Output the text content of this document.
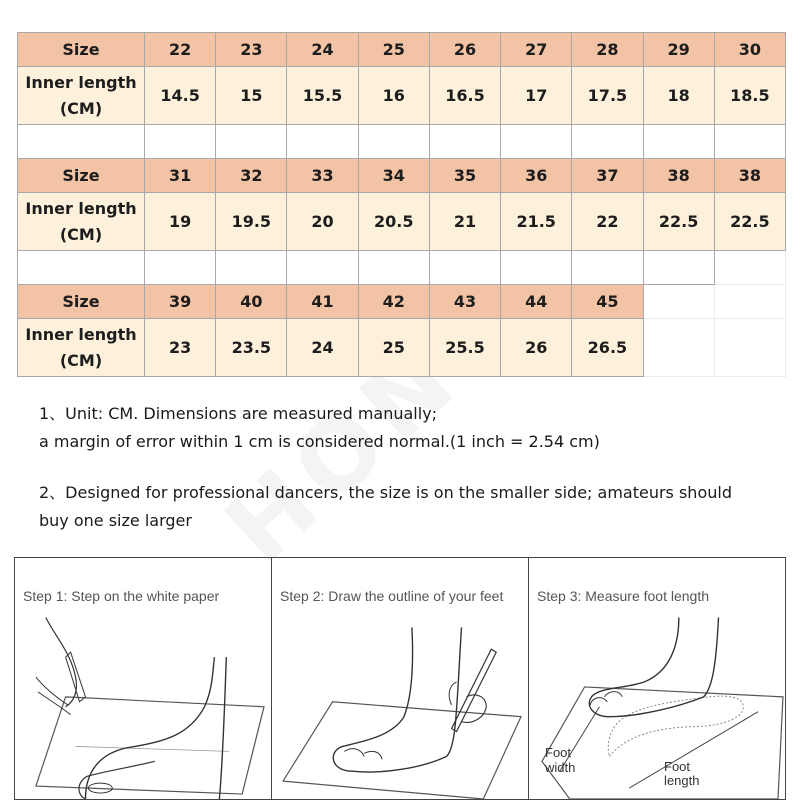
Size	22	23	24	25	26	27	28	29	30

Inner length
(CM)	14.5	15	15.5	16	16.5	17	17.5	18	18.5

Size	31	32	33	34	35	36	37	38	38

Inner length
(CM)	19	19.5	20	20.5	21	21.5	22	22.5	22.5

Size	39	40	41	42	43	44	45		

Inner length
(CM)	23	23.5	24	25	25.5	26	26.5		
1、Unit: CM. Dimensions are measured manually;
a margin of error within 1 cm is considered normal.(1 inch = 2.54 cm)
2、Designed for professional dancers, the size is on the smaller side; amateurs should
buy one size larger
Step 1: Step on the white paper	Step 2: Draw the outline of your feet	Step 3: Measure foot length
Foot
width	Foot
length
